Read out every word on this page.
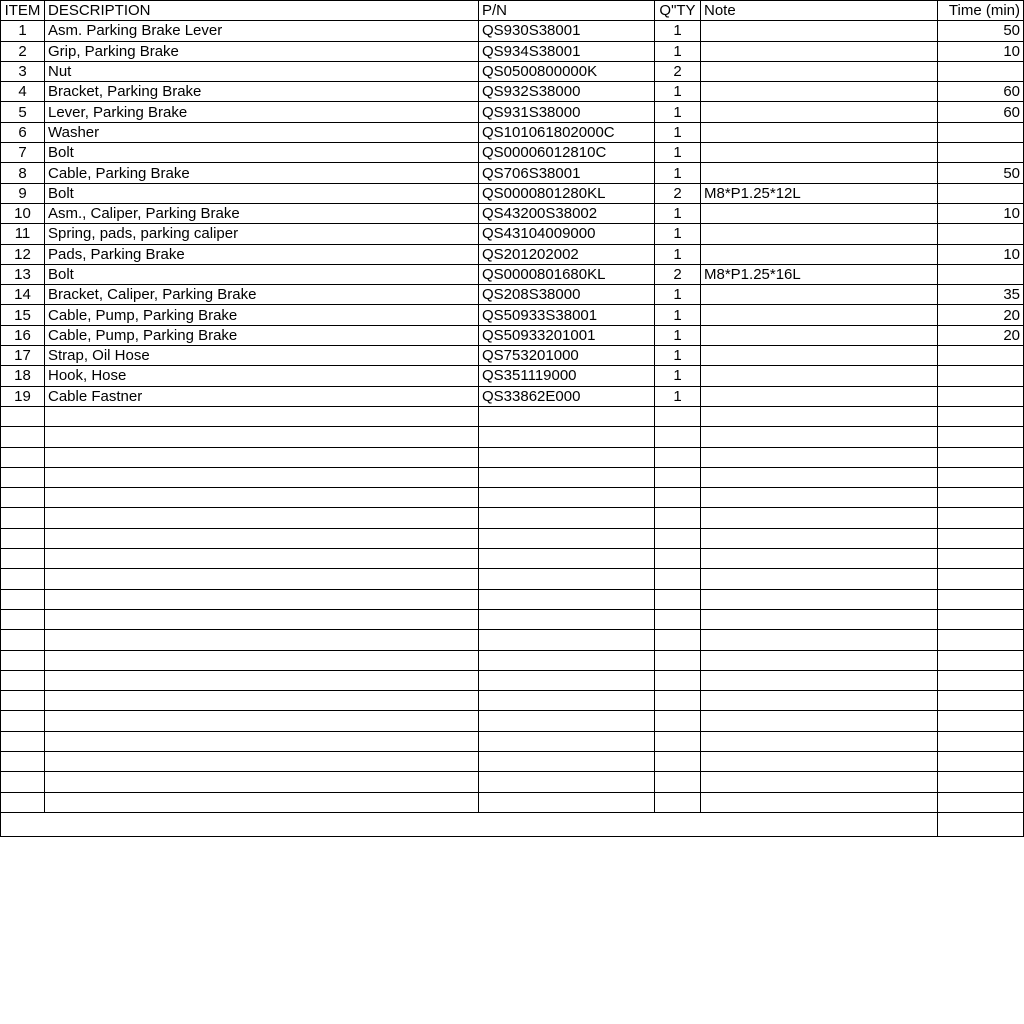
ITEM	DESCRIPTION	P/N	Q"TY	Note	Time (min)
1	Asm. Parking Brake Lever	QS930S38001	1		50
2	Grip, Parking Brake	QS934S38001	1		10
3	Nut	QS0500800000K	2		
4	Bracket, Parking Brake	QS932S38000	1		60
5	Lever, Parking Brake	QS931S38000	1		60
6	Washer	QS101061802000C	1		
7	Bolt	QS00006012810C	1		
8	Cable, Parking Brake	QS706S38001	1		50
9	Bolt	QS0000801280KL	2	M8*P1.25*12L	
10	Asm., Caliper, Parking Brake	QS43200S38002	1		10
11	Spring, pads, parking caliper	QS43104009000	1		
12	Pads, Parking Brake	QS201202002	1		10
13	Bolt	QS0000801680KL	2	M8*P1.25*16L	
14	Bracket, Caliper, Parking Brake	QS208S38000	1		35
15	Cable, Pump, Parking Brake	QS50933S38001	1		20
16	Cable, Pump, Parking Brake	QS50933201001	1		20
17	Strap, Oil Hose	QS753201000	1		
18	Hook, Hose	QS351119000	1		
19	Cable Fastner	QS33862E000	1		
